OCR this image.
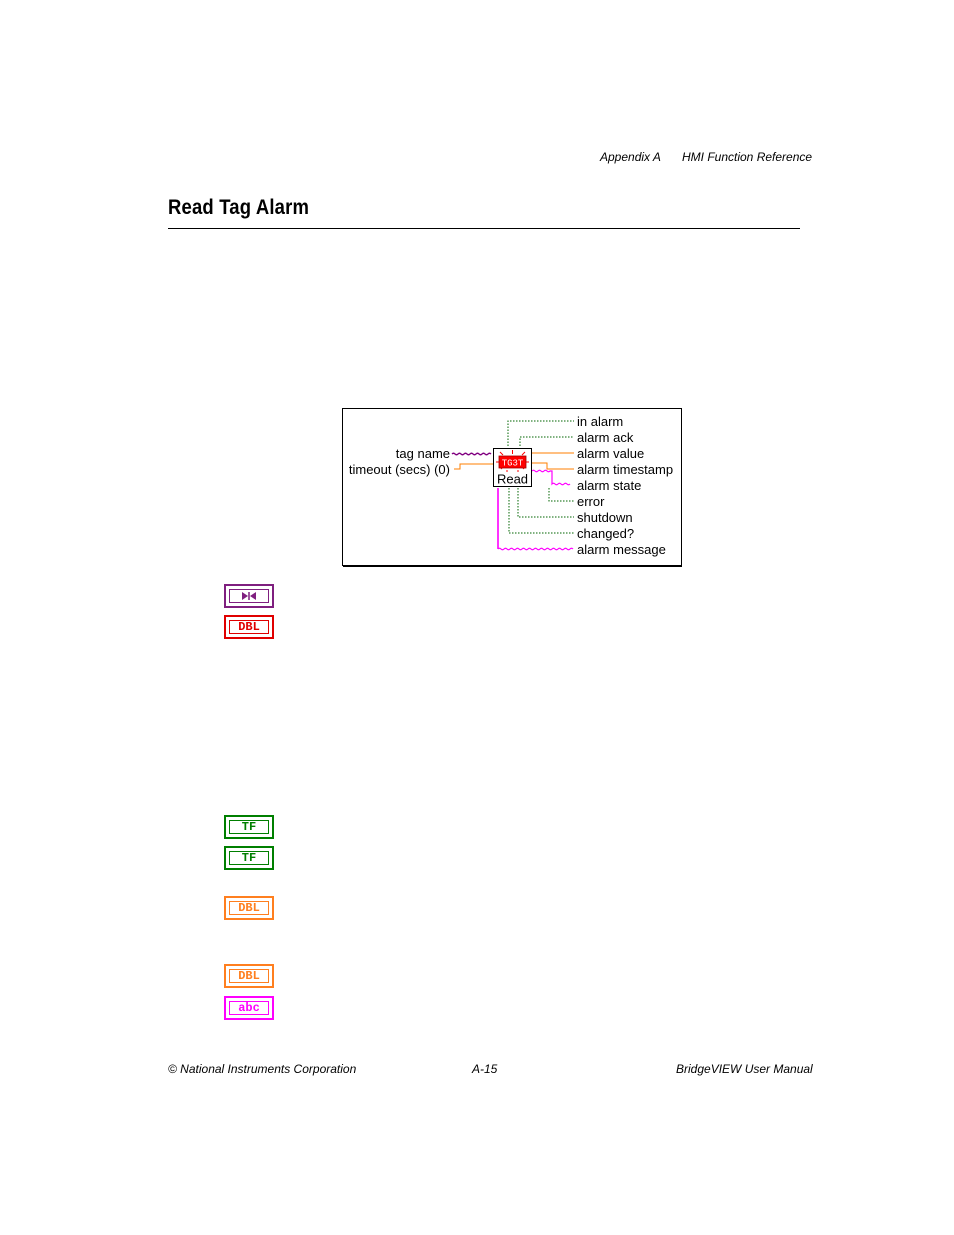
Appendix A HMI Function Reference
Read Tag Alarm
TG3T
Read
tag name
timeout (secs) (0)
in alarm
alarm ack
alarm value
alarm timestamp
alarm state
error
shutdown
changed?
alarm message
DBL
TF
TF
DBL
DBL
abc
© National Instruments Corporation	A-15	BridgeVIEW User Manual
